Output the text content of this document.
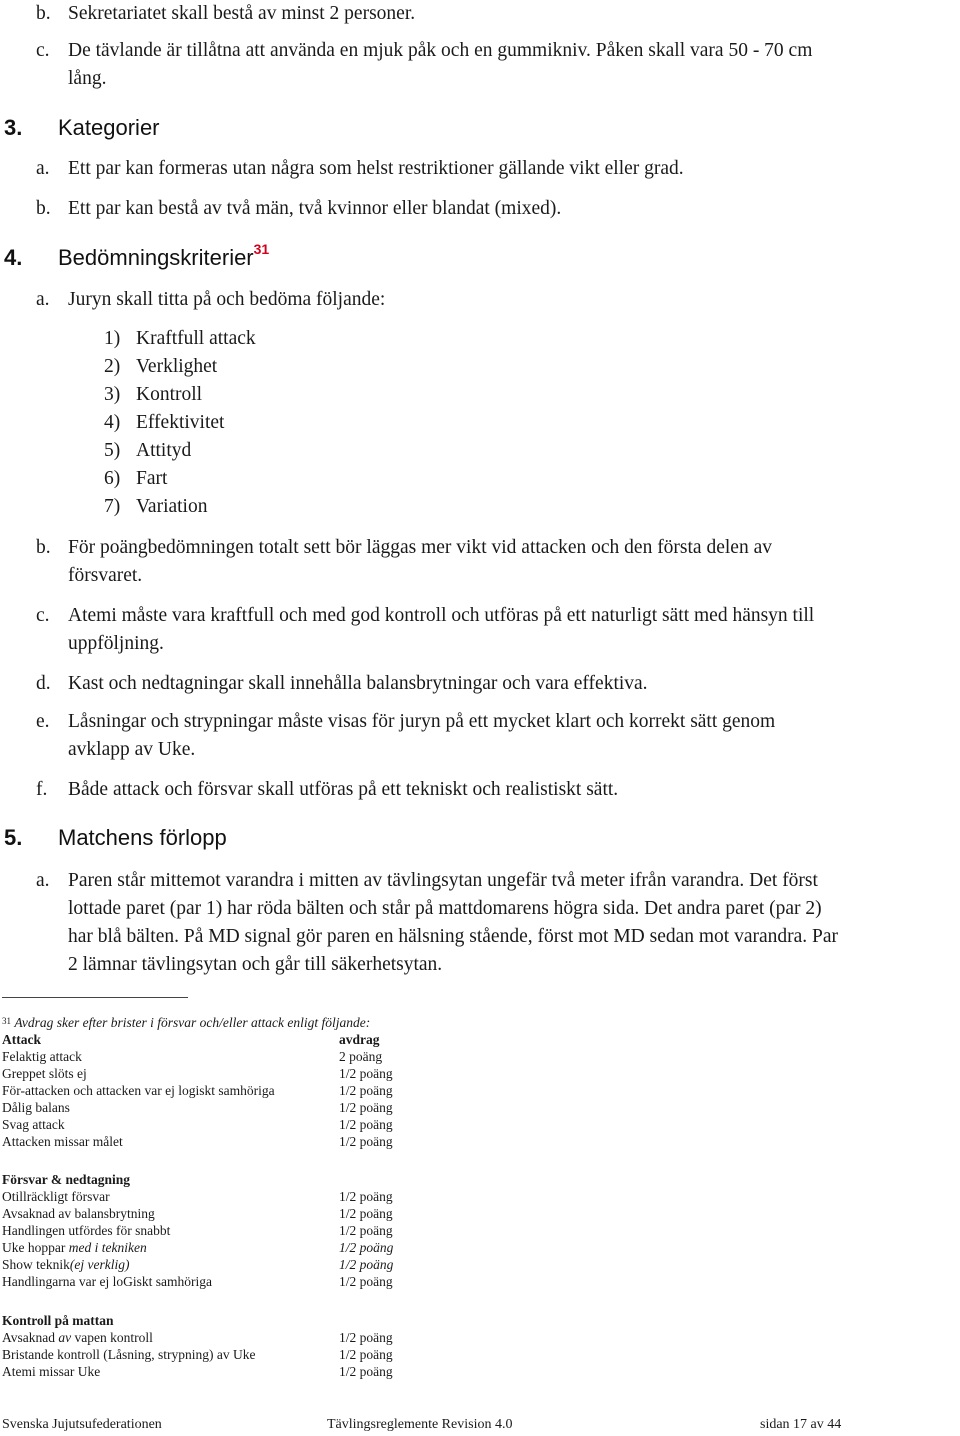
b. Sekretariatet skall bestå av minst 2 personer.
c. De tävlande är tillåtna att använda en mjuk påk och en gummikniv. Påken skall vara 50 - 70 cm
lång.
3. Kategorier
a. Ett par kan formeras utan några som helst restriktioner gällande vikt eller grad.
b. Ett par kan bestå av två män, två kvinnor eller blandat (mixed).
4. Bedömningskriterier$^{31}$
a. Juryn skall titta på och bedöma följande:
1) Kraftfull attack
2) Verklighet
3) Kontroll
4) Effektivitet
5) Attityd
6) Fart
7) Variation
b. För poängbedömningen totalt sett bör läggas mer vikt vid attacken och den första delen av
försvaret.
c. Atemi måste vara kraftfull och med god kontroll och utföras på ett naturligt sätt med hänsyn till
uppföljning.
d. Kast och nedtagningar skall innehålla balansbrytningar och vara effektiva.
e. Låsningar och strypningar måste visas för juryn på ett mycket klart och korrekt sätt genom
avklapp av Uke.
f. Både attack och försvar skall utföras på ett tekniskt och realistiskt sätt.
5. Matchens förlopp
a. Paren står mittemot varandra i mitten av tävlingsytan ungefär två meter ifrån varandra. Det först
lottade paret (par 1) har röda bälten och står på mattdomarens högra sida. Det andra paret (par 2)
har blå bälten. På MD signal gör paren en hälsning stående, först mot MD sedan mot varandra. Par
2 lämnar tävlingsytan och går till säkerhetsytan.
$^{31}$ Avdrag sker efter brister i försvar och/eller attack enligt följande:
Attack	avdrag
Felaktig attack	2 poäng
Greppet slöts ej	1/2 poäng
För-attacken och attacken var ej logiskt samhöriga	1/2 poäng
Dålig balans	1/2 poäng
Svag attack	1/2 poäng
Attacken missar målet	1/2 poäng
Försvar & nedtagning
Otillräckligt försvar	1/2 poäng
Avsaknad av balansbrytning	1/2 poäng
Handlingen utfördes för snabbt	1/2 poäng
Uke hoppar med i tekniken	1/2 poäng
Show teknik(ej verklig)	1/2 poäng
Handlingarna var ej loGiskt samhöriga	1/2 poäng
Kontroll på mattan
Avsaknad av vapen kontroll	1/2 poäng
Bristande kontroll (Låsning, strypning) av Uke	1/2 poäng
Atemi missar Uke	1/2 poäng
Svenska Jujutsufederationen	Tävlingsreglemente Revision 4.0	sidan 17 av 44
